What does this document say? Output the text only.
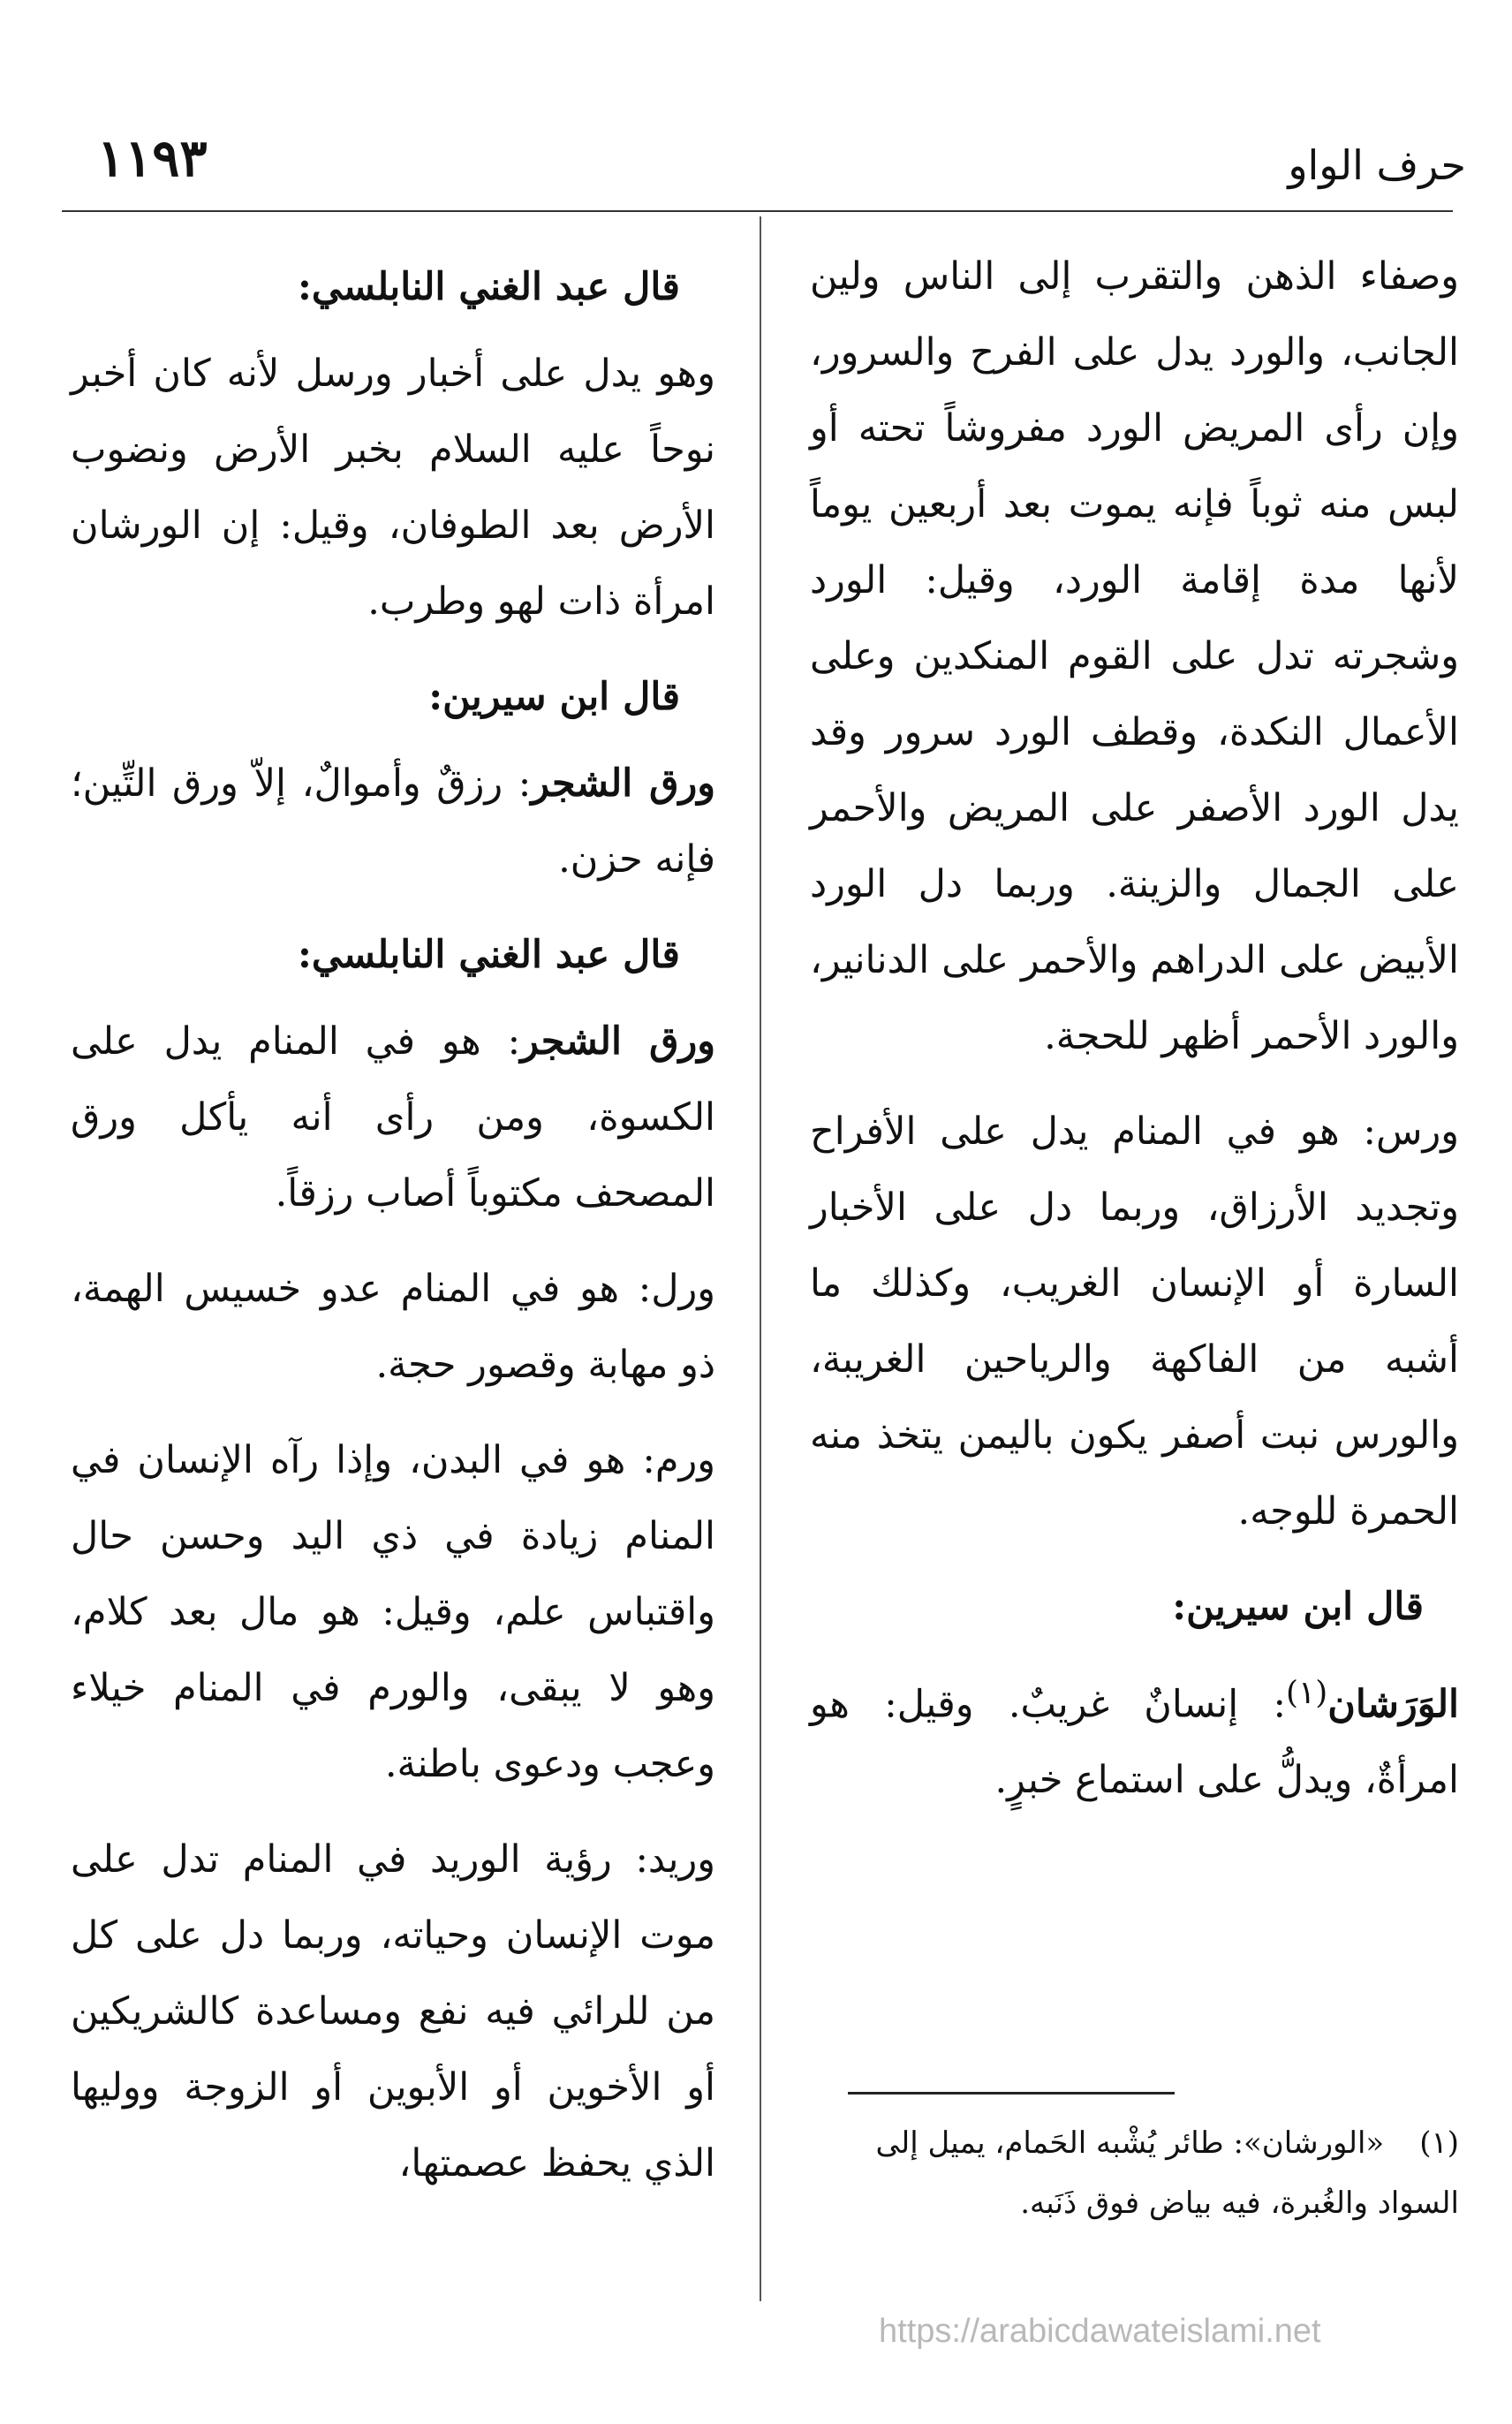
حرف الواو
١١٩٣

وصفاء الذهن والتقرب إلى الناس ولين الجانب، والورد يدل على الفرح والسرور، وإن رأى المريض الورد مفروشاً تحته أو لبس منه ثوباً فإنه يموت بعد أربعين يوماً لأنها مدة إقامة الورد، وقيل: الورد وشجرته تدل على القوم المنكدين وعلى الأعمال النكدة، وقطف الورد سرور وقد يدل الورد الأصفر على المريض والأحمر على الجمال والزينة. وربما دل الورد الأبيض على الدراهم والأحمر على الدنانير، والورد الأحمر أظهر للحجة.

ورس: هو في المنام يدل على الأفراح وتجديد الأرزاق، وربما دل على الأخبار السارة أو الإنسان الغريب، وكذلك ما أشبه من الفاكهة والرياحين الغريبة، والورس نبت أصفر يكون باليمن يتخذ منه الحمرة للوجه.

قال ابن سيرين:

الوَرَشان$^{(١)}$: إنسانٌ غريبٌ. وقيل: هو امرأةٌ، ويدلُّ على استماع خبرٍ.

قال عبد الغني النابلسي:

وهو يدل على أخبار ورسل لأنه كان أخبر نوحاً عليه السلام بخبر الأرض ونضوب الأرض بعد الطوفان، وقيل: إن الورشان امرأة ذات لهو وطرب.

قال ابن سيرين:

ورق الشجر: رزقٌ وأموالٌ، إلاّ ورق التِّين؛ فإنه حزن.

قال عبد الغني النابلسي:

ورق الشجر: هو في المنام يدل على الكسوة، ومن رأى أنه يأكل ورق المصحف مكتوباً أصاب رزقاً.

ورل: هو في المنام عدو خسيس الهمة، ذو مهابة وقصور حجة.

ورم: هو في البدن، وإذا رآه الإنسان في المنام زيادة في ذي اليد وحسن حال واقتباس علم، وقيل: هو مال بعد كلام، وهو لا يبقى، والورم في المنام خيلاء وعجب ودعوى باطنة.

وريد: رؤية الوريد في المنام تدل على موت الإنسان وحياته، وربما دل على كل من للرائي فيه نفع ومساعدة كالشريكين أو الأخوين أو الأبوين أو الزوجة ووليها الذي يحفظ عصمتها،	(١)«الورشان»: طائر يُشْبه الحَمام، يميل إلى السواد والغُبرة، فيه بياض فوق ذَنَبه.
https://arabicdawateislami.net
